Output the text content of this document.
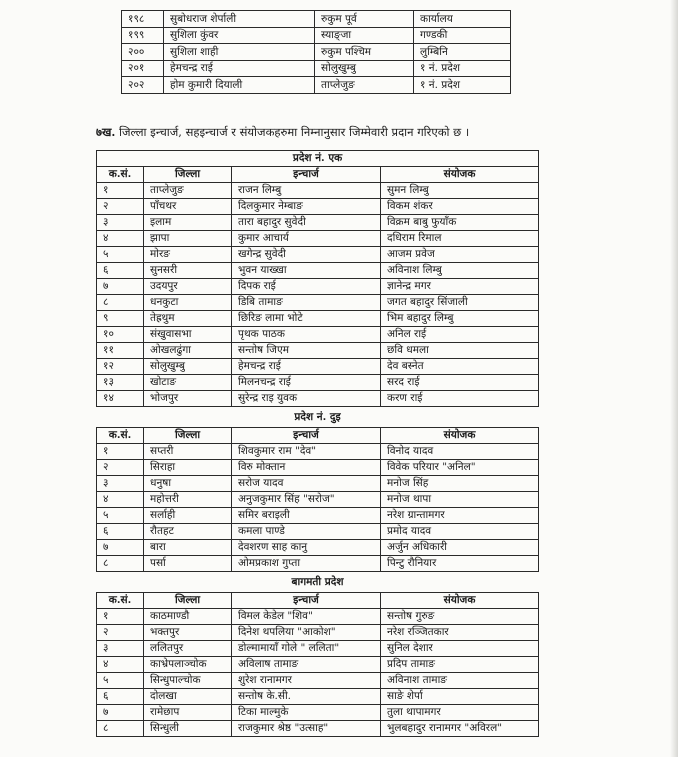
१९८	सुबोधराज शेर्पाली	रुकुम पूर्व	कार्यालय
१९९	सुशिला कुंवर	स्याङ्जा	गण्डकी
२००	सुशिला शाही	रुकुम पश्चिम	लुम्बिनि
२०१	हेमचन्द्र राई	सोलुखुम्बु	१ नं. प्रदेश
२०२	होम कुमारी दियाली	ताप्लेजुङ	१ नं. प्रदेश
७ख. जिल्ला इन्चार्ज, सहइन्चार्ज र संयोजकहरुमा निम्नानुसार जिम्मेवारी प्रदान गरिएको छ ।
प्रदेश नं. एक			
क.सं.	जिल्ला	इन्चार्ज	संयोजक
१	ताप्लेजुङ	राजन लिम्बु	सुमन लिम्बु
२	पाँचथर	दिलकुमार नेम्बाङ	विकम शंकर
३	इलाम	तारा बहादुर सुवेदी	विक्रम बाबु फुयाँक
४	झापा	कुमार आचार्य	दधिराम रिमाल
५	मोरङ	खगेन्द्र सुवेदी	आजम प्रवेज
६	सुनसरी	भुवन याख्खा	अविनाश लिम्बु
७	उदयपुर	दिपक राई	ज्ञानेन्द्र मगर
८	धनकुटा	डिबि तामाङ	जगत बहादुर सिंजाली
९	तेह्रथुम	छिरिङ लामा भोटे	भिम बहादुर लिम्बु
१०	संखुवासभा	पृथक पाठक	अनिल राई
११	ओखलढुंगा	सन्तोष जिएम	छवि धमला
१२	सोलुखुम्बु	हेमचन्द्र राई	देव बस्नेत
१३	खोटाङ	मिलनचन्द्र राई	सरद राई
१४	भोजपुर	सुरेन्द्र राइ युवक	करण राई
प्रदेश नं. दुइ			
क.सं.	जिल्ला	इन्चार्ज	संयोजक
१	सप्तरी	शिवकुमार राम "देव"	विनोद यादव
२	सिराहा	विरु मोक्तान	विवेक परियार "अनिल"
३	धनुषा	सरोज यादव	मनोज सिंह
४	महोत्तरी	अनुजकुमार सिंह "सरोज"	मनोज थापा
५	सर्लाही	समिर बराइली	नरेश ग्रान्‍तामगर
६	रौतहट	कमला पाण्डे	प्रमोद यादव
७	बारा	देवशरण साह कानु	अर्जुन अधिकारी
८	पर्सा	ओमप्रकाश गुप्ता	पिन्टु रौनियार
बागमती प्रदेश			
क.सं.	जिल्ला	इन्चार्ज	संयोजक
१	काठमाण्डौ	विमल केडेल "शिव"	सन्तोष गुरुङ
२	भक्तपुर	दिनेश थपलिया "आकोश"	नरेश रञ्जितकार
३	ललितपुर	डोल्मामायाँ गोले " ललिता"	सुनिल देशार
४	काभ्रेपलाञ्चोक	अविलाष तामाङ	प्रदिप तामाङ
५	सिन्धुपाल्चोक	शुरेश रानामगर	अविनाश तामाङ
६	दोलखा	सन्तोष के.सी.	साङे शेर्पा
७	रामेछाप	टिका माल्मुके	तुला थापामगर
८	सिन्धुली	राजकुमार श्रेष्ठ "उत्साह"	भुलबहादुर रानामगर "अविरल"
